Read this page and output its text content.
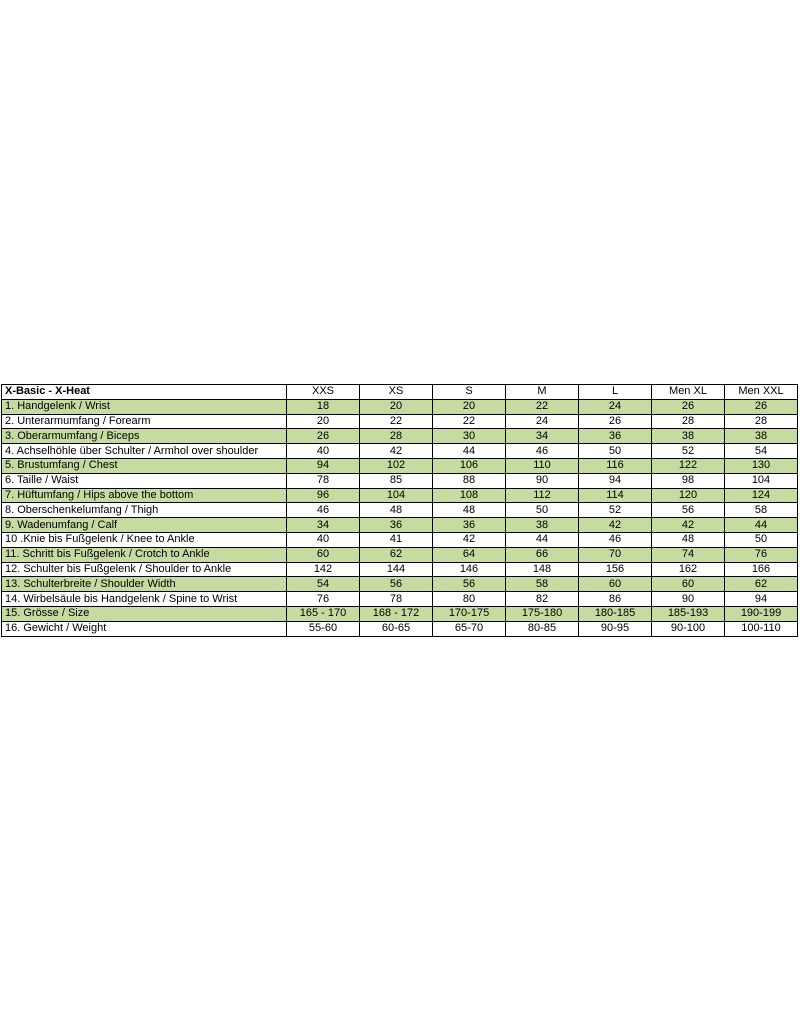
X-Basic - X-Heat	XXS	XS	S	M	L	Men XL	Men XXL
1. Handgelenk / Wrist	18	20	20	22	24	26	26
2. Unterarmumfang / Forearm	20	22	22	24	26	28	28
3. Oberarmumfang / Biceps	26	28	30	34	36	38	38
4. Achselhöhle über Schulter / Armhol over shoulder	40	42	44	46	50	52	54
5. Brustumfang / Chest	94	102	106	110	116	122	130
6. Taille / Waist	78	85	88	90	94	98	104
7. Hüftumfang / Hips above the bottom	96	104	108	112	114	120	124
8. Oberschenkelumfang / Thigh	46	48	48	50	52	56	58
9. Wadenumfang / Calf	34	36	36	38	42	42	44
10 .Knie bis Fußgelenk / Knee to Ankle	40	41	42	44	46	48	50
11. Schritt bis Fußgelenk / Crotch to Ankle	60	62	64	66	70	74	76
12. Schulter bis Fußgelenk / Shoulder to Ankle	142	144	146	148	156	162	166
13. Schulterbreite / Shoulder Width	54	56	56	58	60	60	62
14. Wirbelsäule bis Handgelenk / Spine to Wrist	76	78	80	82	86	90	94
15. Grösse / Size	165 - 170	168 - 172	170-175	175-180	180-185	185-193	190-199
16. Gewicht / Weight	55-60	60-65	65-70	80-85	90-95	90-100	100-110
